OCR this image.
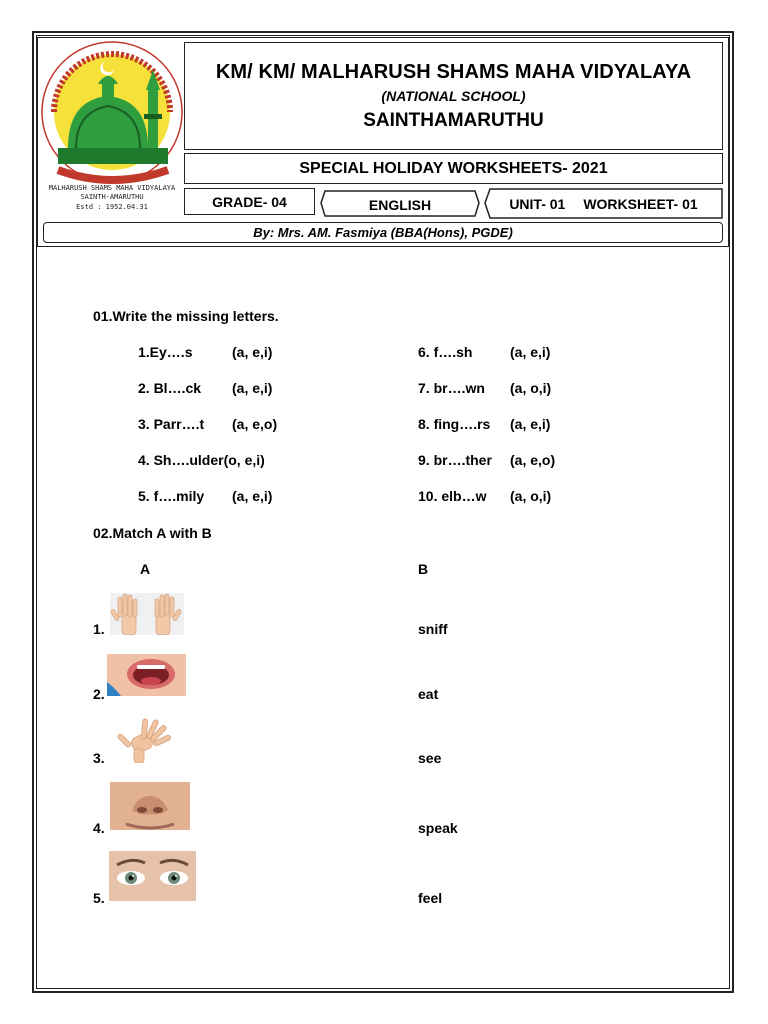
MALHARUSH SHAMS MAHA VIDYALAYA
SAINTH-AMARUTHU
Estd : 1952.04.31
KM/ KM/ MALHARUSH SHAMS MAHA VIDYALAYA
(NATIONAL SCHOOL)
SAINTHAMARUTHU
SPECIAL HOLIDAY WORKSHEETS- 2021
GRADE- 04	ENGLISH	UNIT- 01 WORKSHEET- 01
By: Mrs. AM. Fasmiya (BBA(Hons), PGDE)
01.Write the missing letters.
1.Ey….s	(a, e,i)
2. Bl….ck (a, e,i)
3. Parr….t (a, e,o)
4. Sh….ulder(o, e,i)
5. f….mily (a, e,i)
6. f….sh	(a, e,i)
7. br….wn (a, o,i)
8. fing….rs (a, e,i)
9. br….ther (a, e,o)
10. elb…w (a, o,i)
02.Match A with B
A	B
1.	sniff
2.	eat
3.	see
4.	speak
5.	feel
